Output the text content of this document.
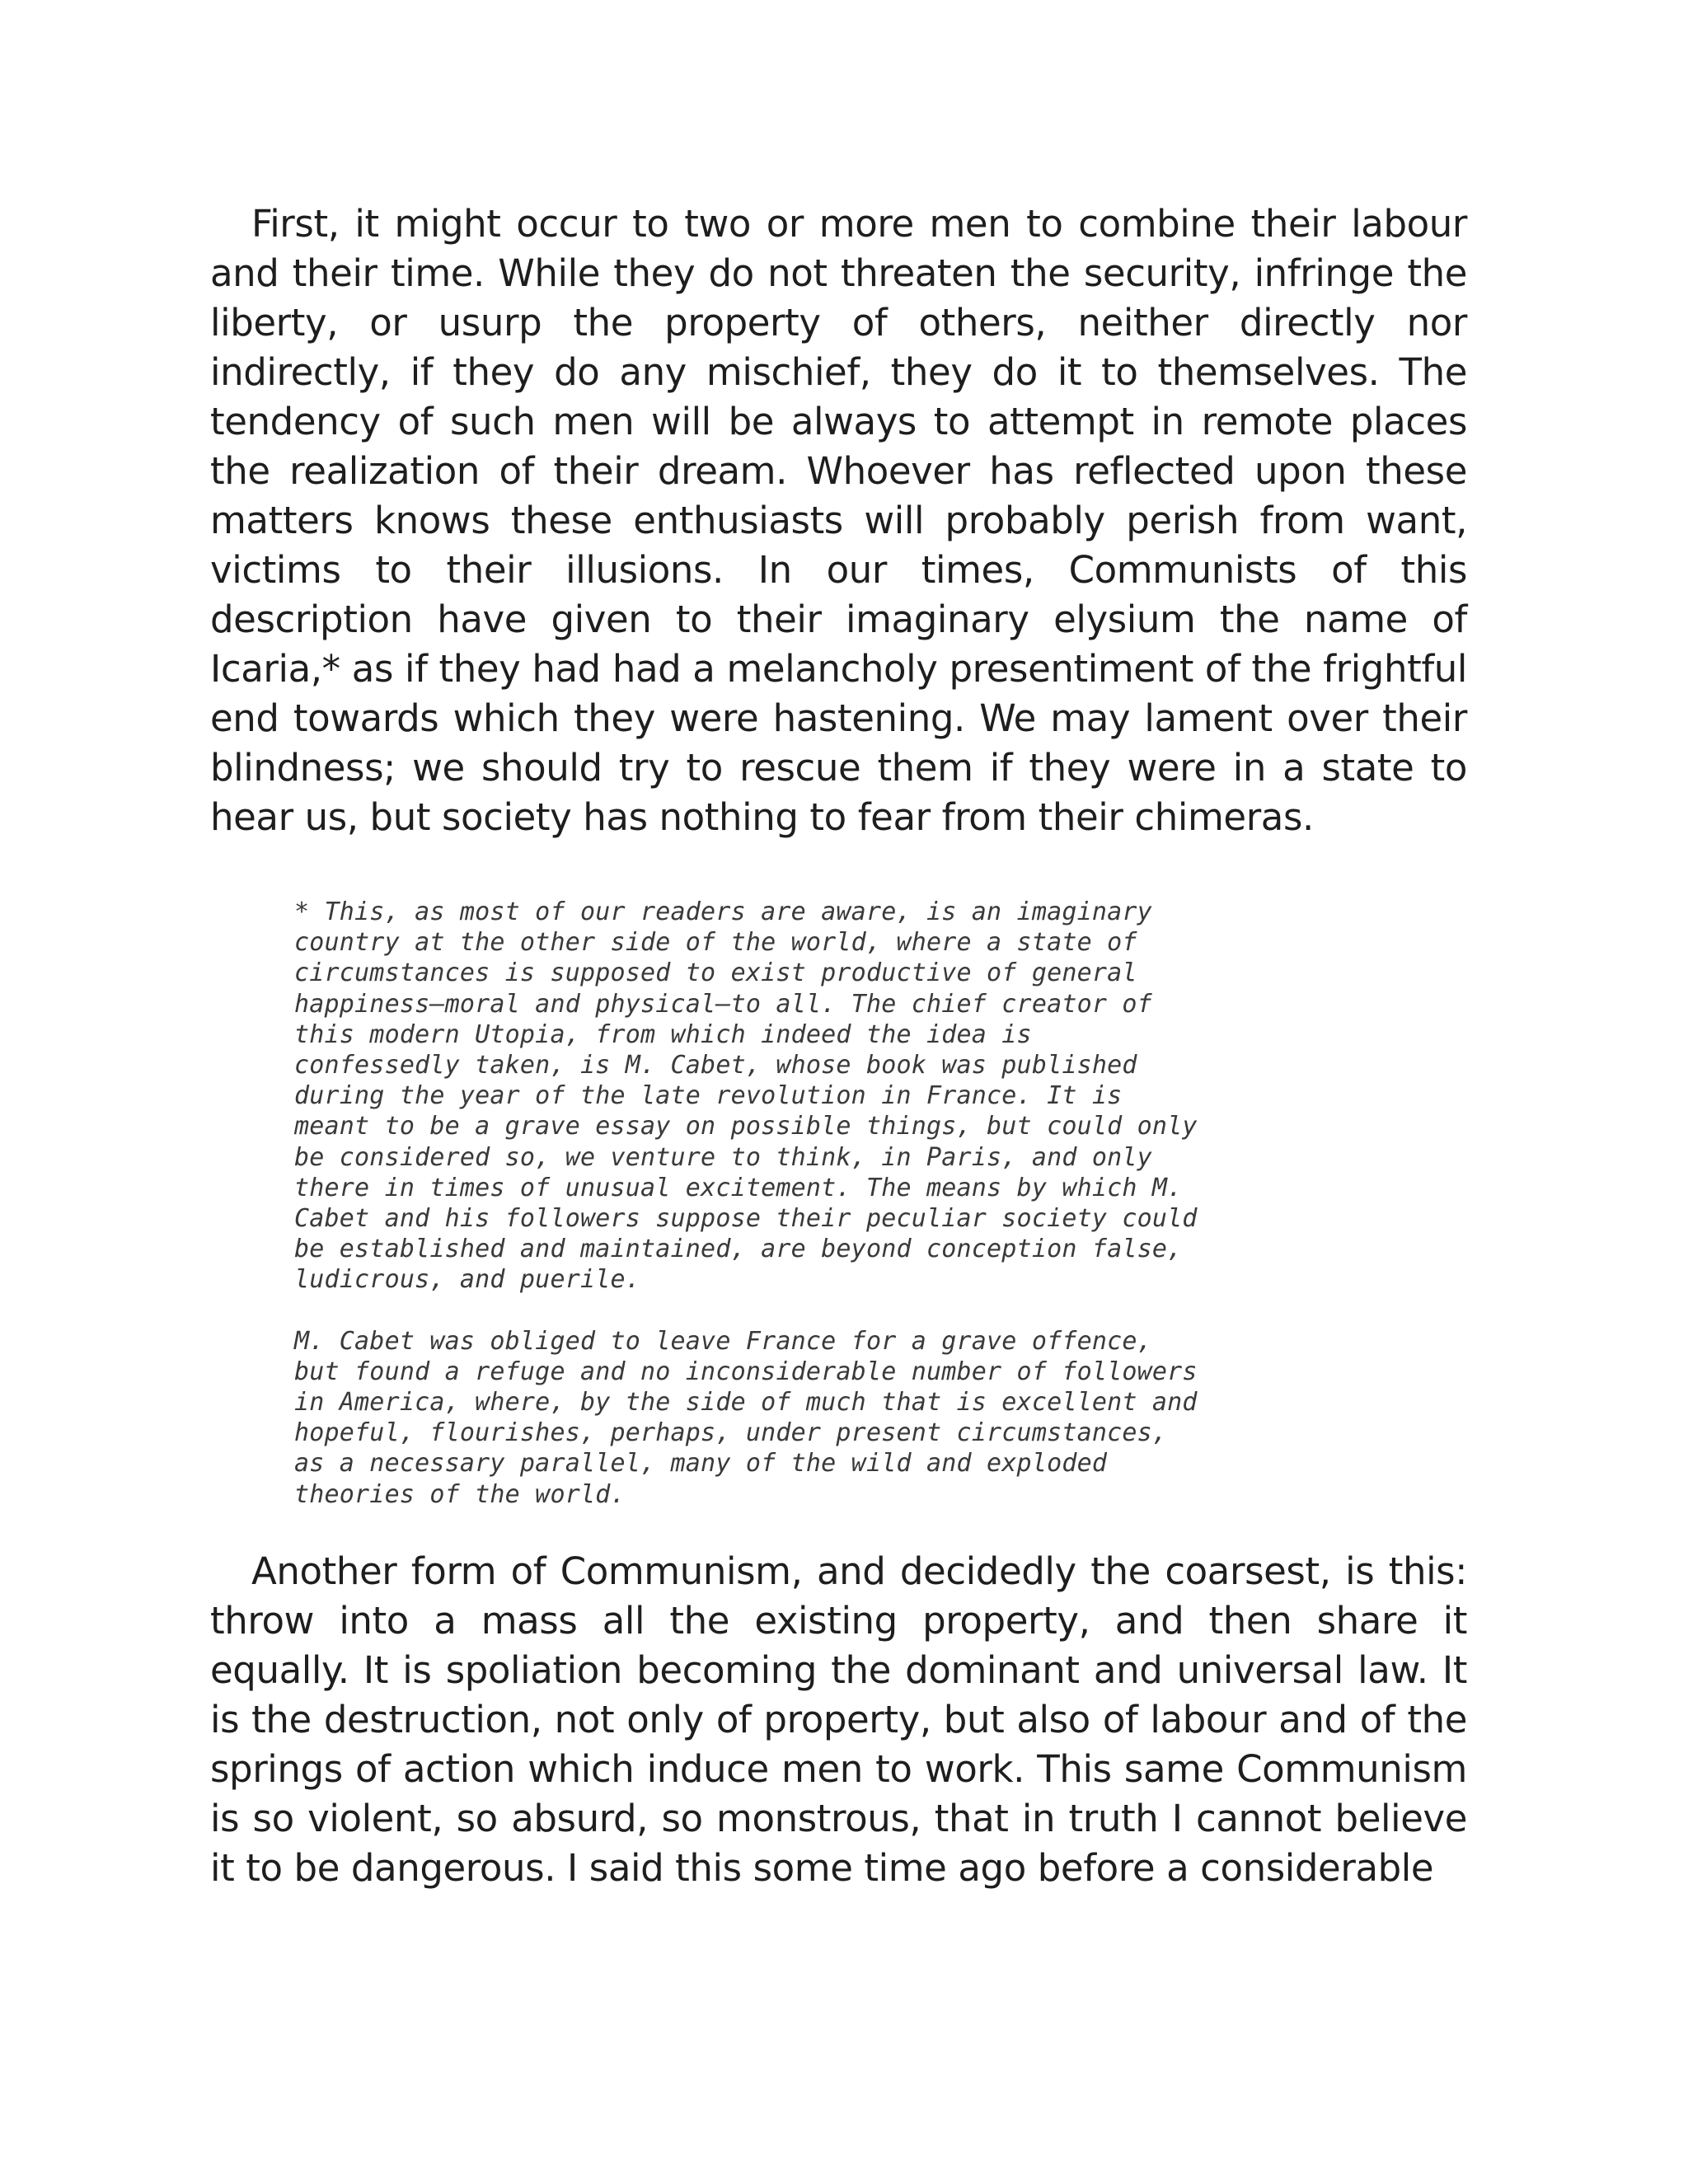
First, it might occur to two or more men to combine their labour and their time. While they do not threaten the security, infringe the liberty, or usurp the property of others, neither directly nor indirectly, if they do any mischief, they do it to themselves. The tendency of such men will be always to attempt in remote places the realization of their dream. Whoever has reflected upon these matters knows these enthusiasts will probably perish from want, victims to their illusions. In our times, Communists of this description have given to their imaginary elysium the name of Icaria,* as if they had had a melancholy presentiment of the frightful end towards which they were hastening. We may lament over their blindness; we should try to rescue them if they were in a state to hear us, but society has nothing to fear from their chimeras.

* This, as most of our readers are aware, is an imaginary
country at the other side of the world, where a state of
circumstances is supposed to exist productive of general
happiness—moral and physical—to all. The chief creator of
this modern Utopia, from which indeed the idea is
confessedly taken, is M. Cabet, whose book was published
during the year of the late revolution in France. It is
meant to be a grave essay on possible things, but could only
be considered so, we venture to think, in Paris, and only
there in times of unusual excitement. The means by which M.
Cabet and his followers suppose their peculiar society could
be established and maintained, are beyond conception false,
ludicrous, and puerile.

M. Cabet was obliged to leave France for a grave offence,
but found a refuge and no inconsiderable number of followers
in America, where, by the side of much that is excellent and
hopeful, flourishes, perhaps, under present circumstances,
as a necessary parallel, many of the wild and exploded
theories of the world.

Another form of Communism, and decidedly the coarsest, is this: throw into a mass all the existing property, and then share it equally. It is spoliation becoming the dominant and universal law. It is the destruction, not only of property, but also of labour and of the springs of action which induce men to work. This same Communism is so violent, so absurd, so monstrous, that in truth I cannot believe it to be dangerous. I said this some time ago before a considerable
